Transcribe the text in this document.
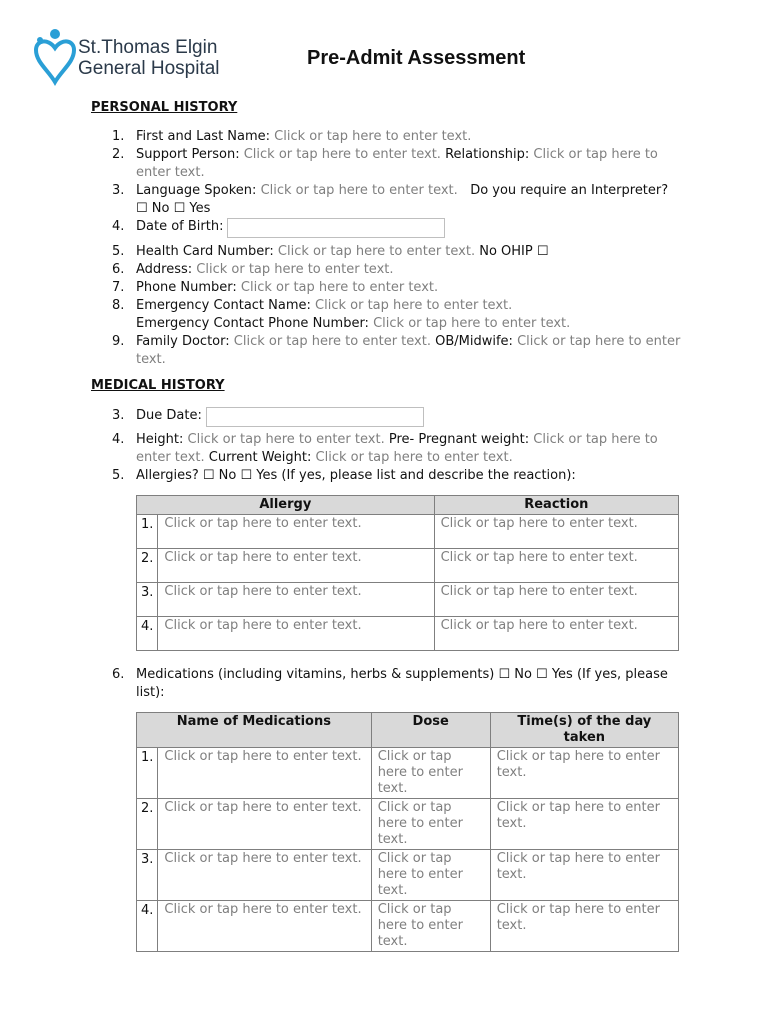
St.Thomas Elgin
General Hospital	Pre-Admit Assessment
PERSONAL HISTORY
1. First and Last Name: Click or tap here to enter text.
2. Support Person: Click or tap here to enter text. Relationship: Click or tap here to enter text.
3. Language Spoken: Click or tap here to enter text. Do you require an Interpreter? ☐ No ☐ Yes
4. Date of Birth:
5. Health Card Number: Click or tap here to enter text. No OHIP ☐
6. Address: Click or tap here to enter text.
7. Phone Number: Click or tap here to enter text.
8. Emergency Contact Name: Click or tap here to enter text.
Emergency Contact Phone Number: Click or tap here to enter text.
9. Family Doctor: Click or tap here to enter text. OB/Midwife: Click or tap here to enter text.
MEDICAL HISTORY
3. Due Date:
4. Height: Click or tap here to enter text. Pre- Pregnant weight: Click or tap here to enter text. Current Weight: Click or tap here to enter text.
5. Allergies? ☐ No ☐ Yes (If yes, please list and describe the reaction):
Allergy		Reaction
1.	Click or tap here to enter text.	Click or tap here to enter text.
2.	Click or tap here to enter text.	Click or tap here to enter text.
3.	Click or tap here to enter text.	Click or tap here to enter text.
4.	Click or tap here to enter text.	Click or tap here to enter text.
6. Medications (including vitamins, herbs & supplements) ☐ No ☐ Yes (If yes, please list):
Name of Medications		Dose	Time(s) of the day taken
1.	Click or tap here to enter text.	Click or tap here to enter text.	Click or tap here to enter text.
2.	Click or tap here to enter text.	Click or tap here to enter text.	Click or tap here to enter text.
3.	Click or tap here to enter text.	Click or tap here to enter text.	Click or tap here to enter text.
4.	Click or tap here to enter text.	Click or tap here to enter text.	Click or tap here to enter text.
